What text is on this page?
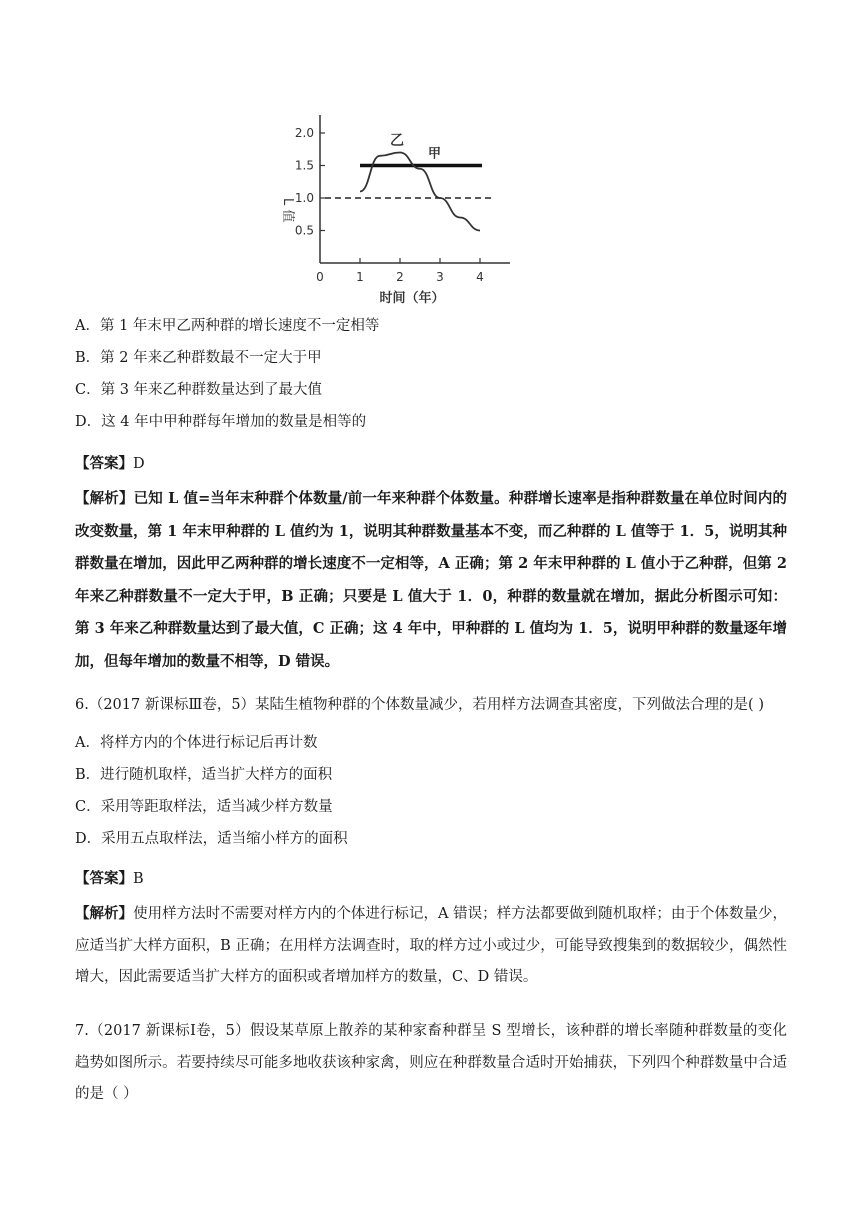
甲
乙
0	1	2	3	4
0.5
1.0
1.5
2.0
L 值
时间（年）
A．第 1 年末甲乙两种群的增长速度不一定相等
B．第 2 年来乙种群数最不一定大于甲
C．第 3 年来乙种群数量达到了最大值
D．这 4 年中甲种群每年增加的数量是相等的
【答案】D
【解析】已知 L 值=当年末种群个体数量/前一年来种群个体数量。种群增长速率是指种群数量在单位时间内的改变数量，第 1 年末甲种群的 L 值约为 1，说明其种群数量基本不变，而乙种群的 L 值等于 1．5，说明其种群数量在增加，因此甲乙两种群的增长速度不一定相等，A 正确；第 2 年末甲种群的 L 值小于乙种群，但第 2 年来乙种群数量不一定大于甲，B 正确；只要是 L 值大于 1．0，种群的数量就在增加，据此分析图示可知：第 3 年来乙种群数量达到了最大值，C 正确；这 4 年中，甲种群的 L 值均为 1．5，说明甲种群的数量逐年增加，但每年增加的数量不相等，D 错误。
6.（2017 新课标Ⅲ卷，5）某陆生植物种群的个体数量减少，若用样方法调查其密度，下列做法合理的是( )
A．将样方内的个体进行标记后再计数
B．进行随机取样，适当扩大样方的面积
C．采用等距取样法，适当减少样方数量
D．采用五点取样法，适当缩小样方的面积
【答案】B
【解析】使用样方法时不需要对样方内的个体进行标记，A 错误；样方法都要做到随机取样；由于个体数量少，应适当扩大样方面积，B 正确；在用样方法调查时，取的样方过小或过少，可能导致搜集到的数据较少，偶然性增大，因此需要适当扩大样方的面积或者增加样方的数量，C、D 错误。
7.（2017 新课标Ⅰ卷，5）假设某草原上散养的某种家畜种群呈 S 型增长，该种群的增长率随种群数量的变化趋势如图所示。若要持续尽可能多地收获该种家禽，则应在种群数量合适时开始捕获，下列四个种群数量中合适的是（ ）
